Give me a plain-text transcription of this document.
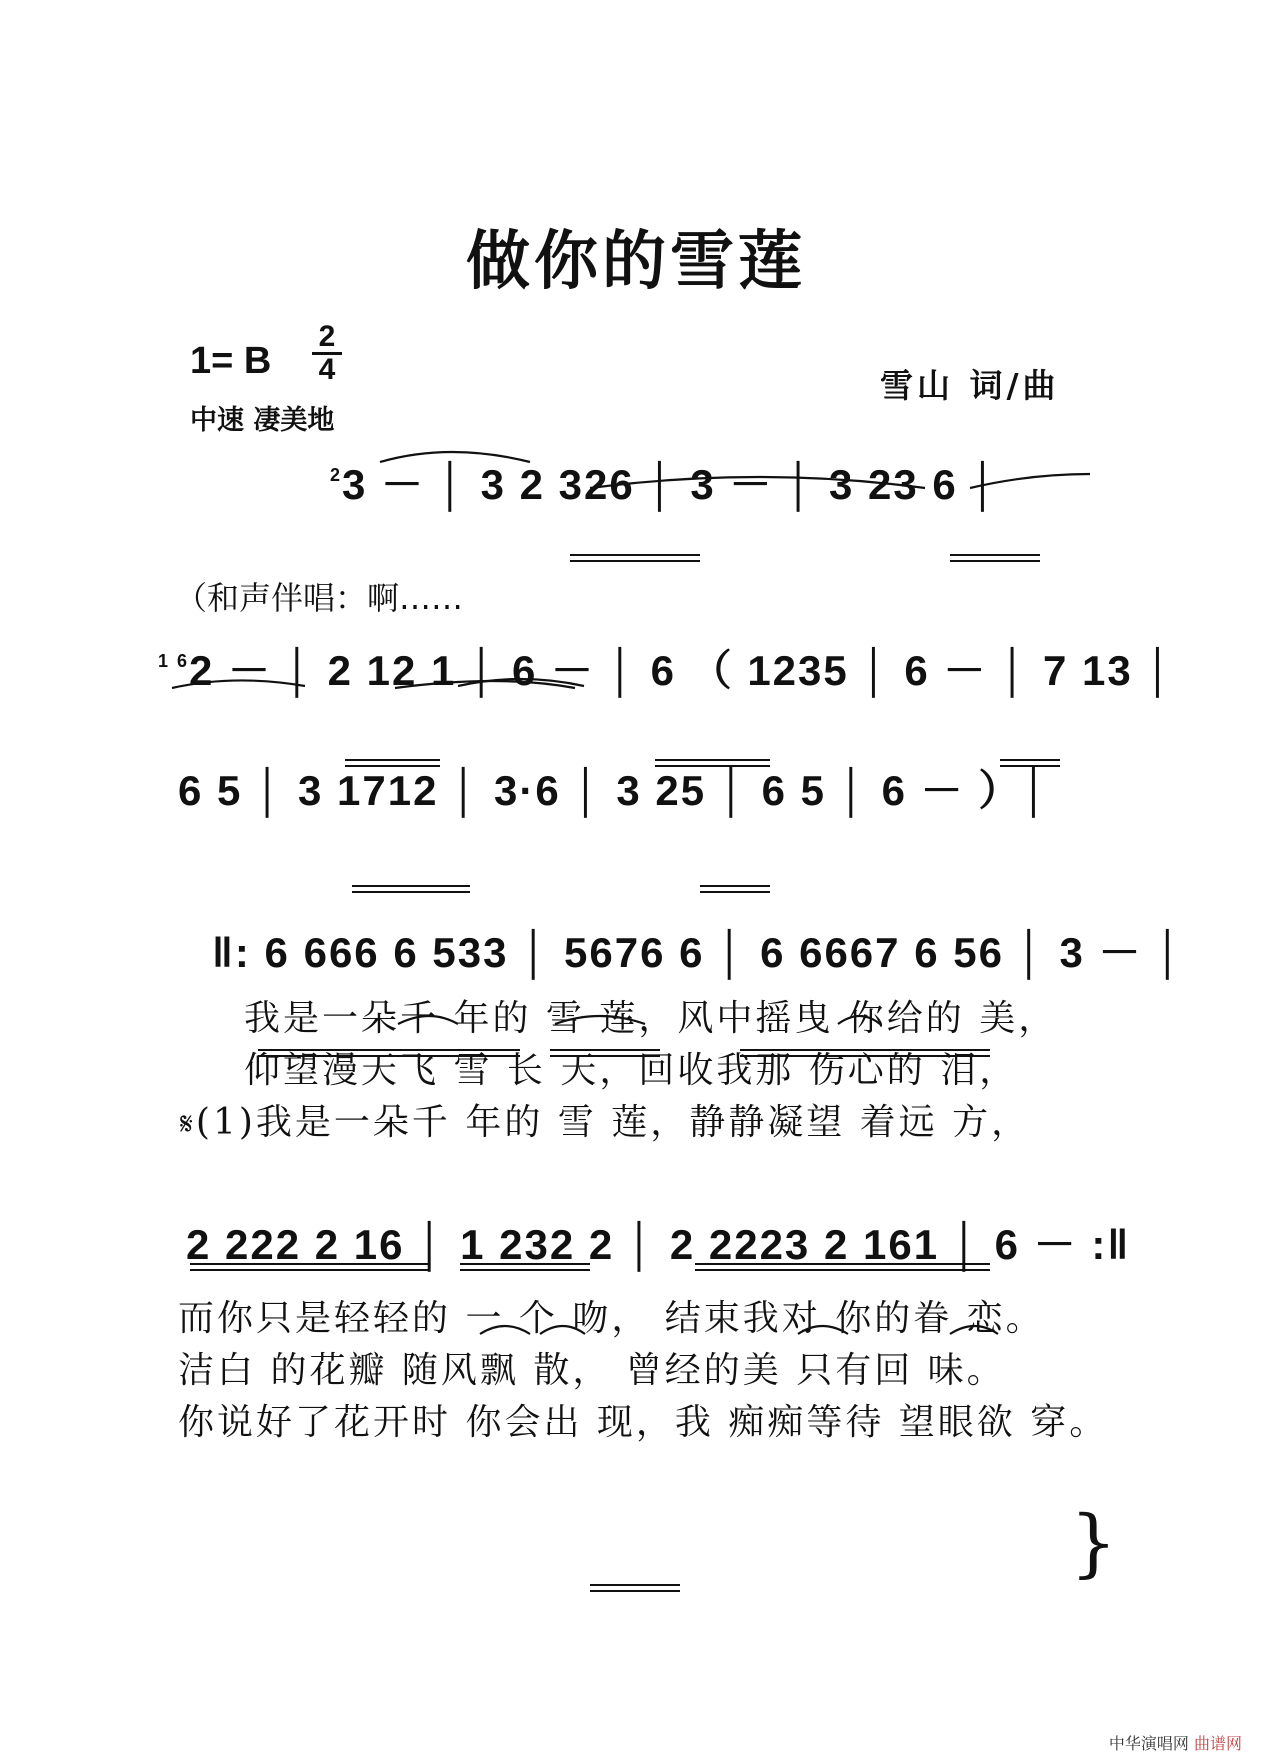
做你的雪莲
1= B
2
4
中速 凄美地
雪山 词/曲
$^2$3 － │ 3 2 326 │ 3 － │ 3 23 6 │
（和声伴唱：啊……
$^{1 6}$2 － │ 2 12 1 │ 6 － │ 6 （ 1235 │ 6 － │ 7 13 │
6 5 │ 3 1712 │ 3·6 │ 3 25 │ 6 5 │ 6 － ）│
‖: 6 666 6 533 │ 5676 6 │ 6 6667 6 56 │ 3 － │
我是一朵千 年的 雪 莲，风中摇曳 你给的 美，
仰望漫天飞 雪 长 天，回收我那 伤心的 泪，
𝄋(1)我是一朵千 年的 雪 莲，静静凝望 着远 方，
2 222 2 16 │ 1 232 2 │ 2 2223 2 161 │ 6 － :‖
而你只是轻轻的 一 个 吻， 结束我对 你的眷 恋。
洁白 的花瓣 随风飘 散， 曾经的美 只有回 味。
你说好了花开时 你会出 现，我 痴痴等待 望眼欲 穿。
}
中华演唱网 曲谱网
